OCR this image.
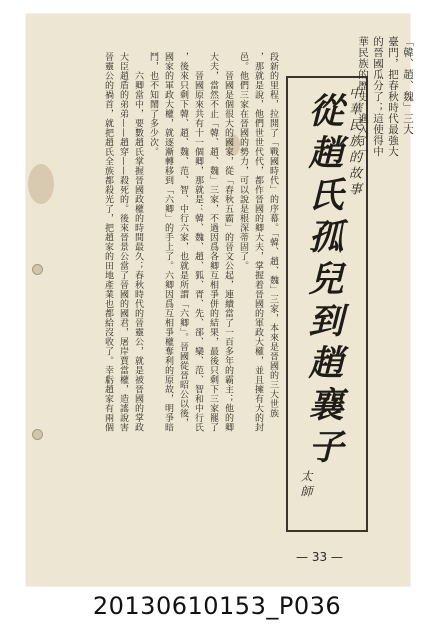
中華民族的故事
從趙氏孤兒到趙襄子
太師
「韓、趙、魏」三大
臺門，把春秋時代最強大
的晉國瓜分了；這使得中
華民族的歷史，進入了一
段新的里程，拉開了「戰國時代」的序幕。「韓、趙、魏」三家，本來是晉國的三大世族
，那就是說，他們世世代代，都作晉國的卿大夫，掌握着晉國的軍政大權，並且擁有大的封
邑。他們三家在晉國的勢力，可以說是根深蒂固了。
　　晉國是個很大的國家，從「春秋五霸」的晉文公起，連續當了一百多年的霸主；他的卿
大夫，當然不止「韓、趙、魏」三家，不過因爲各卿互相爭併的結果，最後只剩下三家罷了
　　晉國原來共有十一個卿，那就是：韓、魏、趙、狐、胥、先、郤、欒、范、智和中行氏
，後來只剩下韓、趙、魏、范、智、中行六家，也就是所謂「六卿」。晉國從晉昭公以後，
國家的軍政大權，就逐漸轉移到「六卿」的手上了。六卿因爲互相爭權奪利的原故，明爭暗
鬥，也不知鬧了多少次。
　　六卿當中，要數趙氏掌握晉國政權的時間最久；春秋時代的晉靈公，就是被晉國的掌政
大臣趙盾的弟弟——趙穿——殺死的。後來晉景公當了晉國的國君，屠岸賈當權，造謠說害
晉靈公的禍首，就把趙氏全族都殺光了，把趙家的田地產業也都給沒收了。幸虧趙家有兩個
— 33 —
20130610153_P036
